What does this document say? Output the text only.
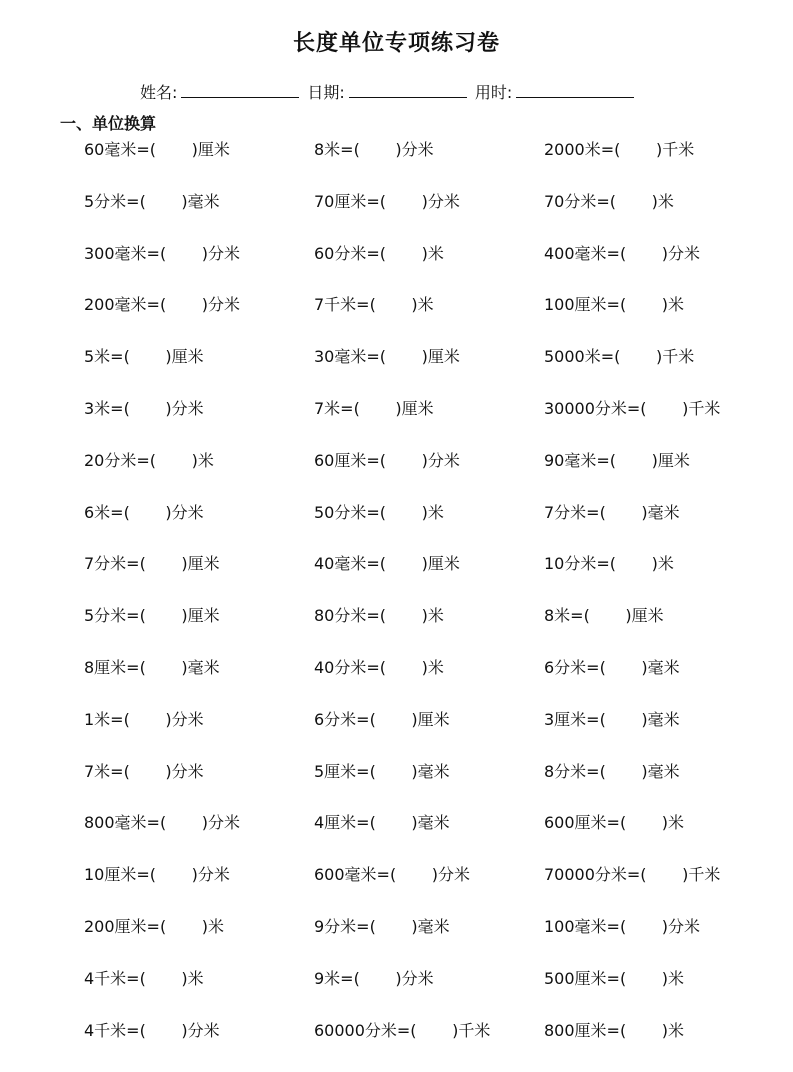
长度单位专项练习卷
姓名:	日期:	用时:
一、单位换算
60毫米=(       )厘米	8米=(       )分米	2000米=(       )千米
5分米=(       )毫米	70厘米=(       )分米	70分米=(       )米
300毫米=(       )分米	60分米=(       )米	400毫米=(       )分米
200毫米=(       )分米	7千米=(       )米	100厘米=(       )米
5米=(       )厘米	30毫米=(       )厘米	5000米=(       )千米
3米=(       )分米	7米=(       )厘米	30000分米=(       )千米
20分米=(       )米	60厘米=(       )分米	90毫米=(       )厘米
6米=(       )分米	50分米=(       )米	7分米=(       )毫米
7分米=(       )厘米	40毫米=(       )厘米	10分米=(       )米
5分米=(       )厘米	80分米=(       )米	8米=(       )厘米
8厘米=(       )毫米	40分米=(       )米	6分米=(       )毫米
1米=(       )分米	6分米=(       )厘米	3厘米=(       )毫米
7米=(       )分米	5厘米=(       )毫米	8分米=(       )毫米
800毫米=(       )分米	4厘米=(       )毫米	600厘米=(       )米
10厘米=(       )分米	600毫米=(       )分米	70000分米=(       )千米
200厘米=(       )米	9分米=(       )毫米	100毫米=(       )分米
4千米=(       )米	9米=(       )分米	500厘米=(       )米
4千米=(       )分米	60000分米=(       )千米	800厘米=(       )米
